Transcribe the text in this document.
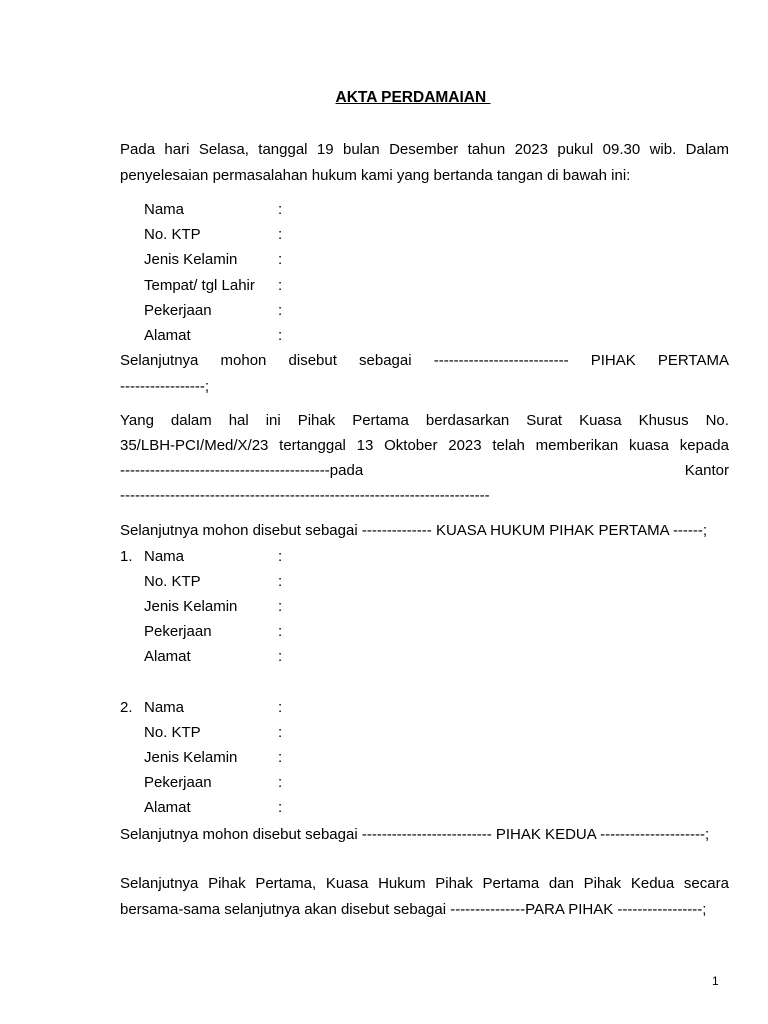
AKTA PERDAMAIAN

Pada hari Selasa, tanggal 19 bulan Desember tahun 2023 pukul 09.30 wib. Dalam penyelesaian permasalahan hukum kami yang bertanda tangan di bawah ini:

Nama	:
No. KTP	:
Jenis Kelamin	:
Tempat/ tgl Lahir :
Pekerjaan	:
Alamat	:
Selanjutnya mohon disebut sebagai --------------------------- PIHAK PERTAMA
-----------------;
Yang dalam hal ini Pihak Pertama berdasarkan Surat Kuasa Khusus No.
35/LBH-PCI/Med/X/23 tertanggal 13 Oktober 2023 telah memberikan kuasa kepada
------------------------------------------pada	Kantor
--------------------------------------------------------------------------
Selanjutnya mohon disebut sebagai -------------- KUASA HUKUM PIHAK PERTAMA ------;
1. Nama	:
No. KTP	:
Jenis Kelamin	:
Pekerjaan	:
Alamat	:
2. Nama	:
No. KTP	:
Jenis Kelamin	:
Pekerjaan	:
Alamat	:
Selanjutnya mohon disebut sebagai -------------------------- PIHAK KEDUA ---------------------;
Selanjutnya Pihak Pertama, Kuasa Hukum Pihak Pertama dan Pihak Kedua secara
bersama-sama selanjutnya akan disebut sebagai ---------------PARA PIHAK -----------------;
1
